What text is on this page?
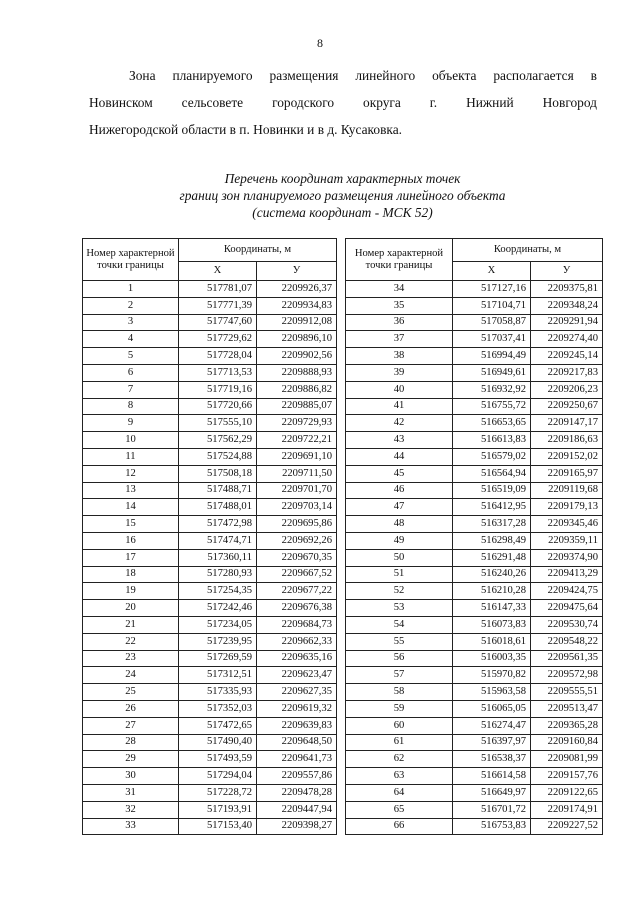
8
Зона планируемого размещения линейного объекта располагается в
Новинском сельсовете городского округа г. Нижний Новгород
Нижегородской области в п. Новинки и в д. Кусаковка.
Перечень координат характерных точек
границ зон планируемого размещения линейного объекта
(система координат - МСК 52)
Номер характерной точки границы	Координаты, м	
	X	У
1	517781,07	2209926,37
2	517771,39	2209934,83
3	517747,60	2209912,08
4	517729,62	2209896,10
5	517728,04	2209902,56
6	517713,53	2209888,93
7	517719,16	2209886,82
8	517720,66	2209885,07
9	517555,10	2209729,93
10	517562,29	2209722,21
11	517524,88	2209691,10
12	517508,18	2209711,50
13	517488,71	2209701,70
14	517488,01	2209703,14
15	517472,98	2209695,86
16	517474,71	2209692,26
17	517360,11	2209670,35
18	517280,93	2209667,52
19	517254,35	2209677,22
20	517242,46	2209676,38
21	517234,05	2209684,73
22	517239,95	2209662,33
23	517269,59	2209635,16
24	517312,51	2209623,47
25	517335,93	2209627,35
26	517352,03	2209619,32
27	517472,65	2209639,83
28	517490,40	2209648,50
29	517493,59	2209641,73
30	517294,04	2209557,86
31	517228,72	2209478,28
32	517193,91	2209447,94
33	517153,40	2209398,27
Номер характерной точки границы	Координаты, м	
	X	У
34	517127,16	2209375,81
35	517104,71	2209348,24
36	517058,87	2209291,94
37	517037,41	2209274,40
38	516994,49	2209245,14
39	516949,61	2209217,83
40	516932,92	2209206,23
41	516755,72	2209250,67
42	516653,65	2209147,17
43	516613,83	2209186,63
44	516579,02	2209152,02
45	516564,94	2209165,97
46	516519,09	2209119,68
47	516412,95	2209179,13
48	516317,28	2209345,46
49	516298,49	2209359,11
50	516291,48	2209374,90
51	516240,26	2209413,29
52	516210,28	2209424,75
53	516147,33	2209475,64
54	516073,83	2209530,74
55	516018,61	2209548,22
56	516003,35	2209561,35
57	515970,82	2209572,98
58	515963,58	2209555,51
59	516065,05	2209513,47
60	516274,47	2209365,28
61	516397,97	2209160,84
62	516538,37	2209081,99
63	516614,58	2209157,76
64	516649,97	2209122,65
65	516701,72	2209174,91
66	516753,83	2209227,52
